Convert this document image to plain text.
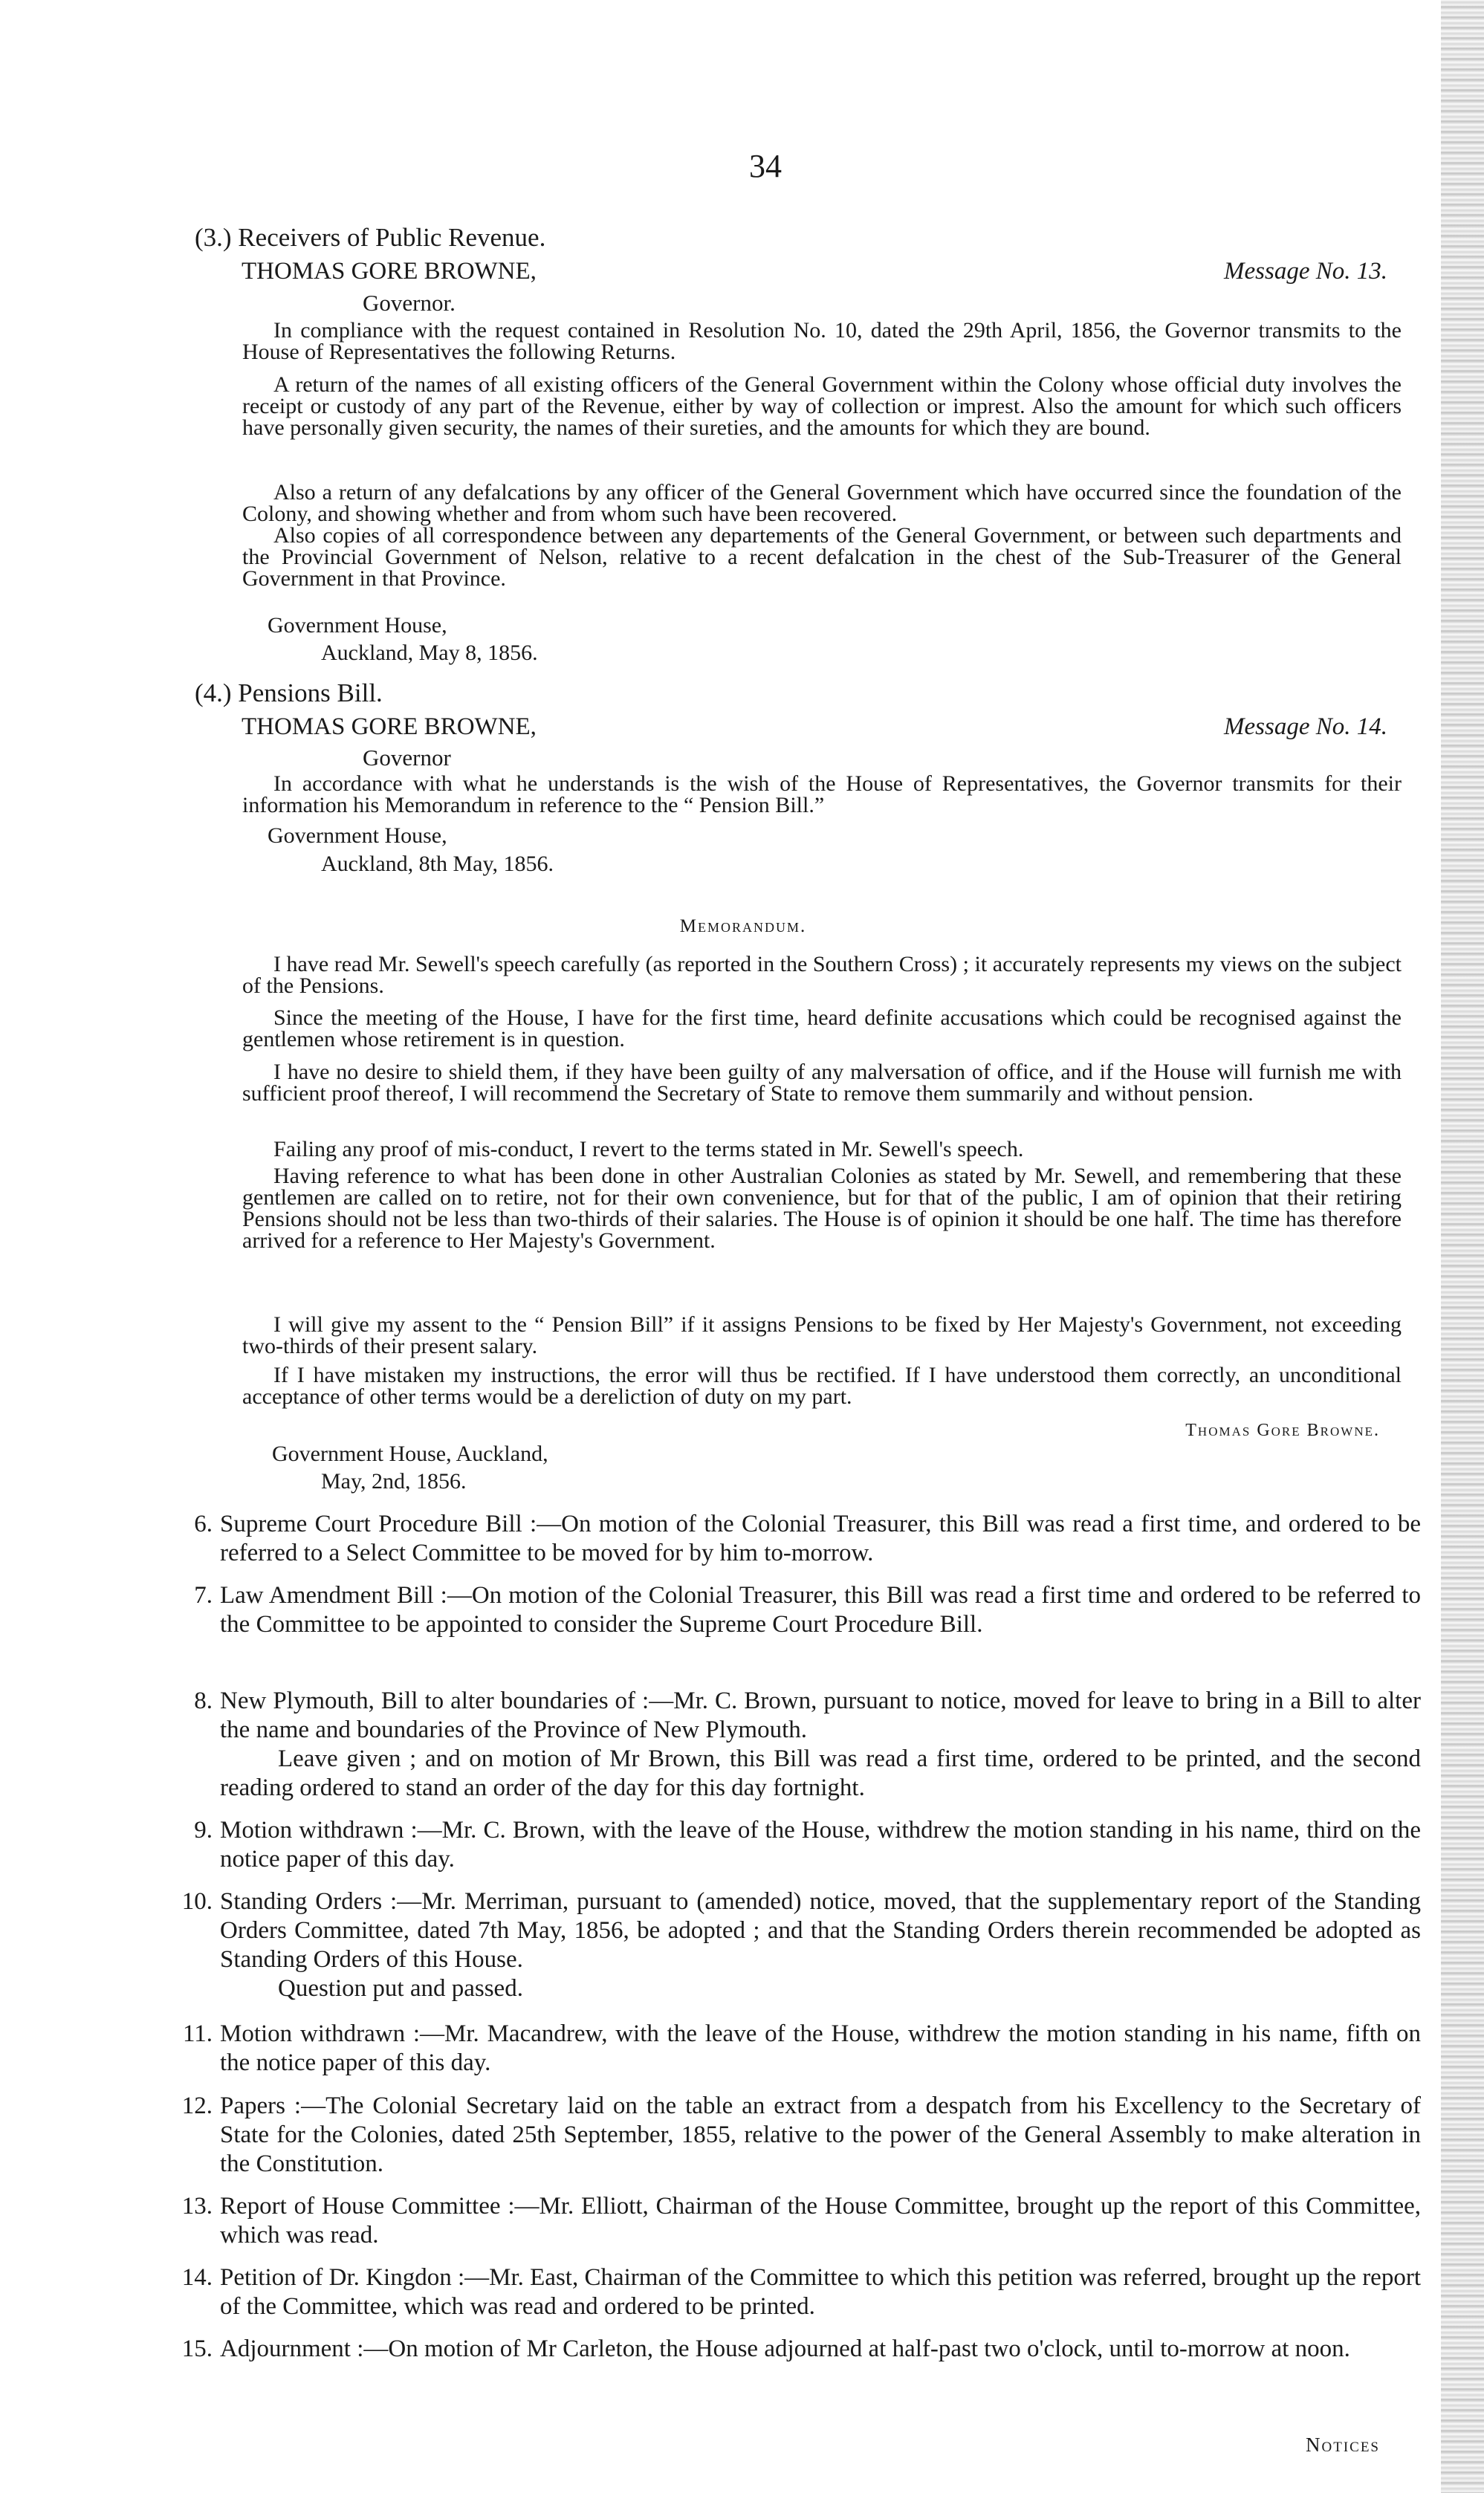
34
(3.) Receivers of Public Revenue.
THOMAS GORE BROWNE,	Message No. 13.
Governor.

In compliance with the request contained in Resolution No. 10, dated the 29th April, 1856, the Governor transmits to the House of Representatives the following Returns.

A return of the names of all existing officers of the General Government within the Colony whose official duty involves the receipt or custody of any part of the Revenue, either by way of collection or imprest. Also the amount for which such officers have personally given security, the names of their sureties, and the amounts for which they are bound.

Also a return of any defalcations by any officer of the General Government which have occurred since the foundation of the Colony, and showing whether and from whom such have been recovered.

Also copies of all correspondence between any departements of the General Government, or between such departments and the Provincial Government of Nelson, relative to a recent defalcation in the chest of the Sub-Treasurer of the General Government in that Province.

Government House,
Auckland, May 8, 1856.
(4.) Pensions Bill.
THOMAS GORE BROWNE,	Message No. 14.
Governor

In accordance with what he understands is the wish of the House of Representatives, the Governor transmits for their information his Memorandum in reference to the “ Pension Bill.”

Government House,
Auckland, 8th May, 1856.
Memorandum.

I have read Mr. Sewell's speech carefully (as reported in the Southern Cross) ; it accurately represents my views on the subject of the Pensions.

Since the meeting of the House, I have for the first time, heard definite accusations which could be recognised against the gentlemen whose retirement is in question.

I have no desire to shield them, if they have been guilty of any malversation of office, and if the House will furnish me with sufficient proof thereof, I will recommend the Secretary of State to remove them summarily and without pension.

Failing any proof of mis-conduct, I revert to the terms stated in Mr. Sewell's speech.

Having reference to what has been done in other Australian Colonies as stated by Mr. Sewell, and remembering that these gentlemen are called on to retire, not for their own convenience, but for that of the public, I am of opinion that their retiring Pensions should not be less than two-thirds of their salaries. The House is of opinion it should be one half. The time has therefore arrived for a reference to Her Majesty's Government.

I will give my assent to the “ Pension Bill” if it assigns Pensions to be fixed by Her Majesty's Government, not exceeding two-thirds of their present salary.

If I have mistaken my instructions, the error will thus be rectified. If I have understood them correctly, an unconditional acceptance of other terms would be a dereliction of duty on my part.

Thomas Gore Browne.
Government House, Auckland,
May, 2nd, 1856.
6. Supreme Court Procedure Bill :—On motion of the Colonial Treasurer, this Bill was read a first time, and ordered to be referred to a Select Committee to be moved for by him to-morrow.
7. Law Amendment Bill :—On motion of the Colonial Treasurer, this Bill was read a first time and ordered to be referred to the Committee to be appointed to consider the Supreme Court Procedure Bill.
8. New Plymouth, Bill to alter boundaries of :—Mr. C. Brown, pursuant to notice, moved for leave to bring in a Bill to alter the name and boundaries of the Province of New Plymouth.
Leave given ; and on motion of Mr Brown, this Bill was read a first time, ordered to be printed, and the second reading ordered to stand an order of the day for this day fortnight.
9. Motion withdrawn :—Mr. C. Brown, with the leave of the House, withdrew the motion standing in his name, third on the notice paper of this day.
10. Standing Orders :—Mr. Merriman, pursuant to (amended) notice, moved, that the supplementary report of the Standing Orders Committee, dated 7th May, 1856, be adopted ; and that the Standing Orders therein recommended be adopted as Standing Orders of this House.
Question put and passed.
11. Motion withdrawn :—Mr. Macandrew, with the leave of the House, withdrew the motion standing in his name, fifth on the notice paper of this day.
12. Papers :—The Colonial Secretary laid on the table an extract from a despatch from his Excellency to the Secretary of State for the Colonies, dated 25th September, 1855, relative to the power of the General Assembly to make alteration in the Constitution.
13. Report of House Committee :—Mr. Elliott, Chairman of the House Committee, brought up the report of this Committee, which was read.
14. Petition of Dr. Kingdon :—Mr. East, Chairman of the Committee to which this petition was referred, brought up the report of the Committee, which was read and ordered to be printed.
15. Adjournment :—On motion of Mr Carleton, the House adjourned at half-past two o'clock, until to-morrow at noon.
Notices
